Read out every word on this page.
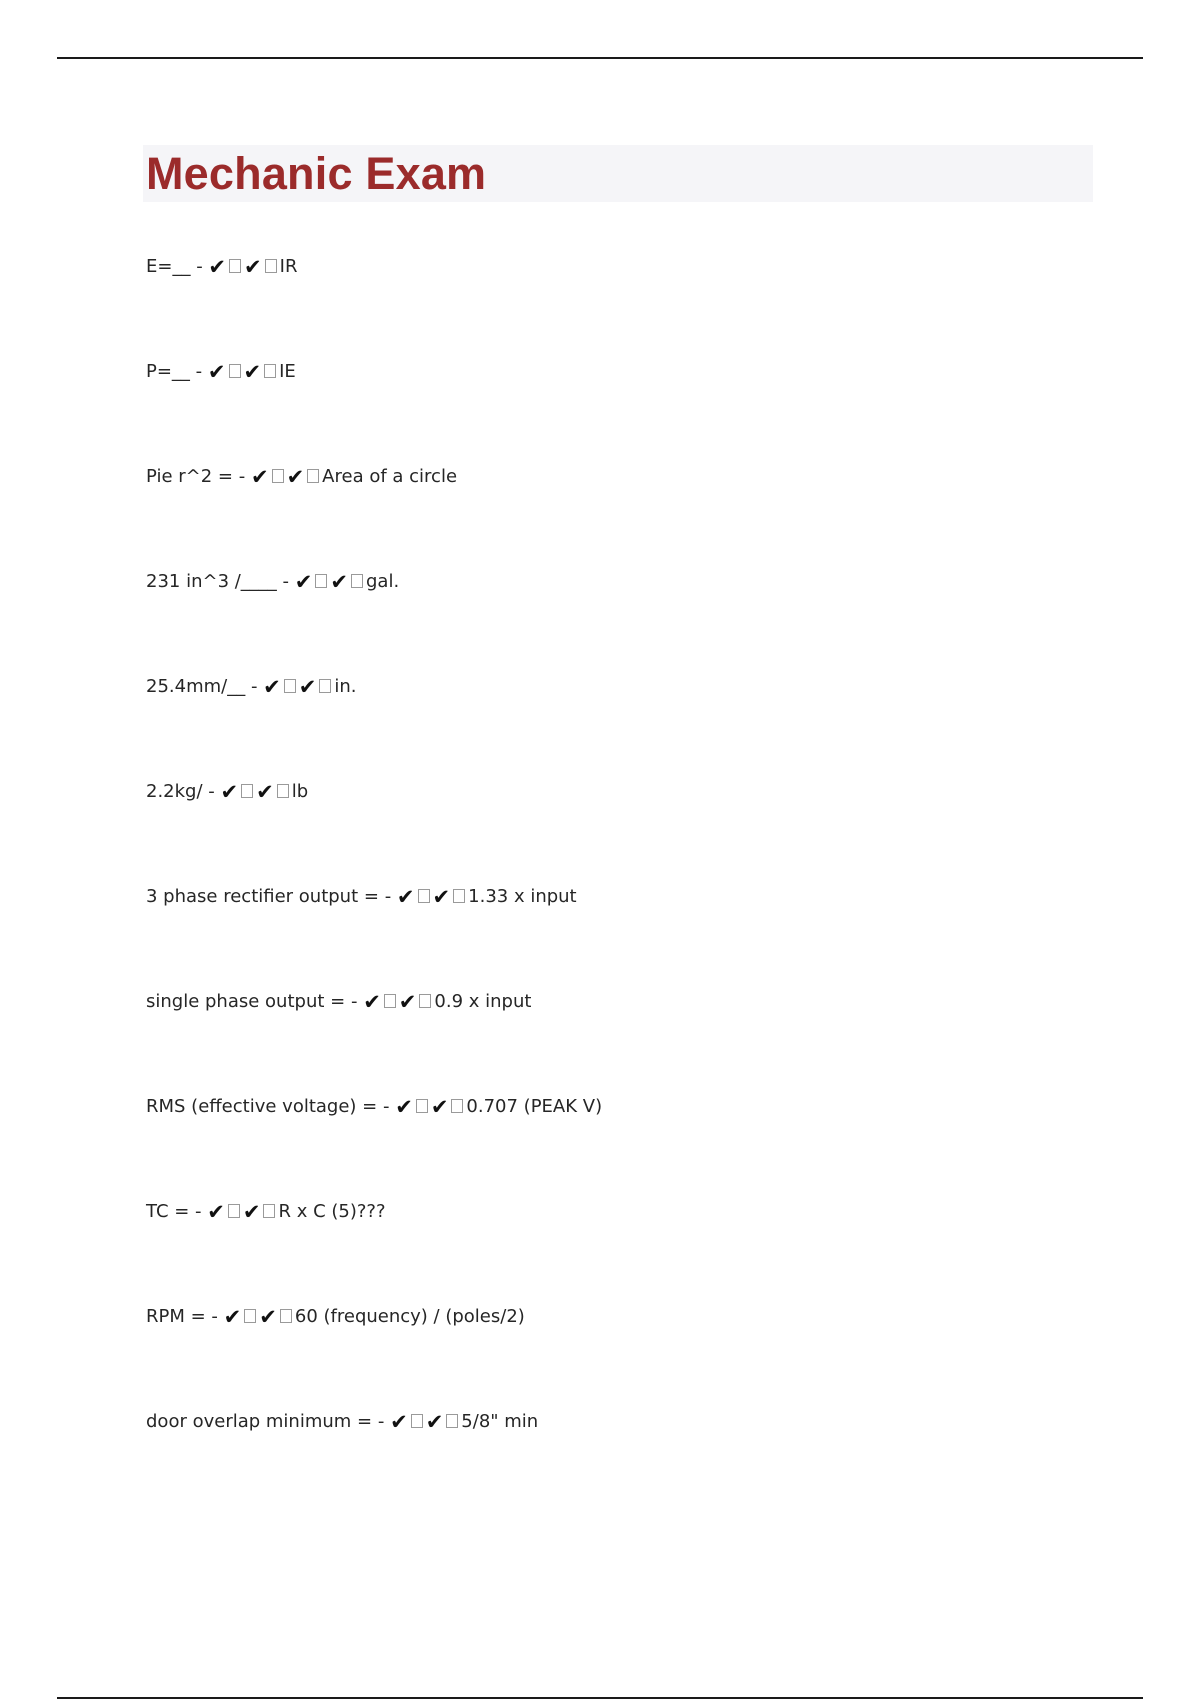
Mechanic Exam
E=__ - ✔ ✔ IR
P=__ - ✔ ✔ IE
Pie r^2 = - ✔ ✔ Area of a circle
231 in^3 /____ - ✔ ✔ gal.
25.4mm/__ - ✔ ✔ in.
2.2kg/ - ✔ ✔ lb
3 phase rectifier output = - ✔ ✔ 1.33 x input
single phase output = - ✔ ✔ 0.9 x input
RMS (effective voltage) = - ✔ ✔ 0.707 (PEAK V)
TC = - ✔ ✔ R x C (5)???
RPM = - ✔ ✔ 60 (frequency) / (poles/2)
door overlap minimum = - ✔ ✔ 5/8" min
